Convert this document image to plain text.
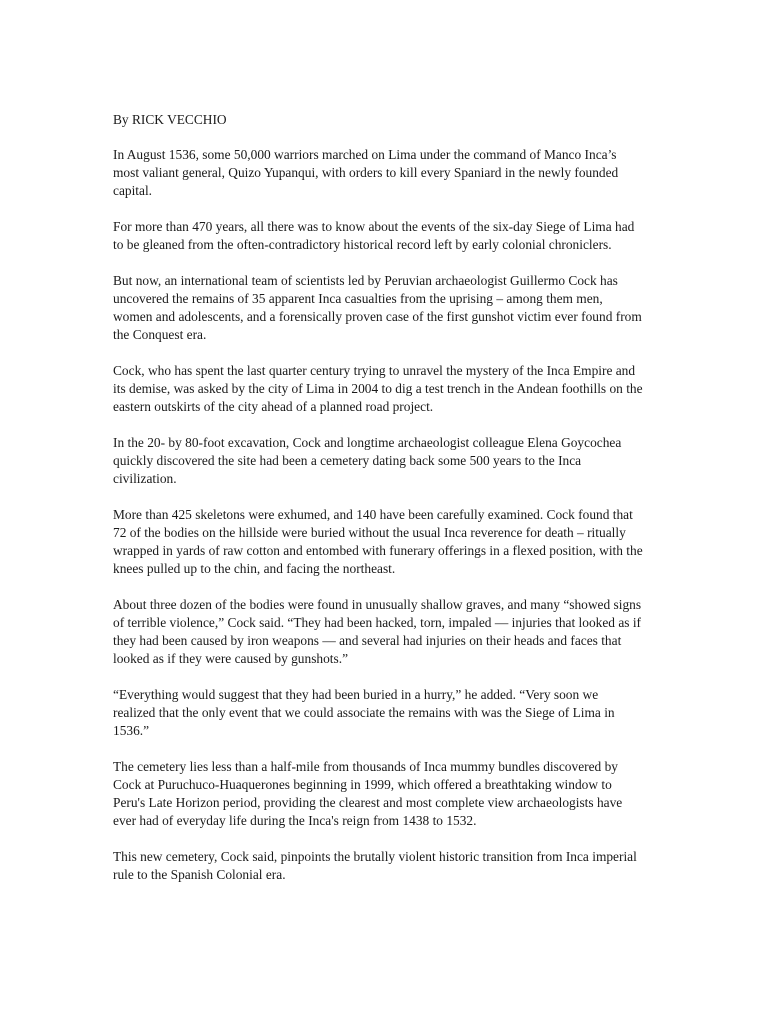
By RICK VECCHIO

In August 1536, some 50,000 warriors marched on Lima under the command of Manco Inca’s most valiant general, Quizo Yupanqui, with orders to kill every Spaniard in the newly founded capital.

For more than 470 years, all there was to know about the events of the six-day Siege of Lima had to be gleaned from the often-contradictory historical record left by early colonial chroniclers.

But now, an international team of scientists led by Peruvian archaeologist Guillermo Cock has uncovered the remains of 35 apparent Inca casualties from the uprising – among them men, women and adolescents, and a forensically proven case of the first gunshot victim ever found from the Conquest era.

Cock, who has spent the last quarter century trying to unravel the mystery of the Inca Empire and its demise, was asked by the city of Lima in 2004 to dig a test trench in the Andean foothills on the eastern outskirts of the city ahead of a planned road project.

In the 20- by 80-foot excavation, Cock and longtime archaeologist colleague Elena Goycochea quickly discovered the site had been a cemetery dating back some 500 years to the Inca civilization.

More than 425 skeletons were exhumed, and 140 have been carefully examined. Cock found that 72 of the bodies on the hillside were buried without the usual Inca reverence for death – ritually wrapped in yards of raw cotton and entombed with funerary offerings in a flexed position, with the knees pulled up to the chin, and facing the northeast.

About three dozen of the bodies were found in unusually shallow graves, and many “showed signs of terrible violence,” Cock said. “They had been hacked, torn, impaled — injuries that looked as if they had been caused by iron weapons — and several had injuries on their heads and faces that looked as if they were caused by gunshots.”

“Everything would suggest that they had been buried in a hurry,” he added. “Very soon we realized that the only event that we could associate the remains with was the Siege of Lima in 1536.”

The cemetery lies less than a half-mile from thousands of Inca mummy bundles discovered by Cock at Puruchuco-Huaquerones beginning in 1999, which offered a breathtaking window to Peru's Late Horizon period, providing the clearest and most complete view archaeologists have ever had of everyday life during the Inca's reign from 1438 to 1532.

This new cemetery, Cock said, pinpoints the brutally violent historic transition from Inca imperial rule to the Spanish Colonial era.
